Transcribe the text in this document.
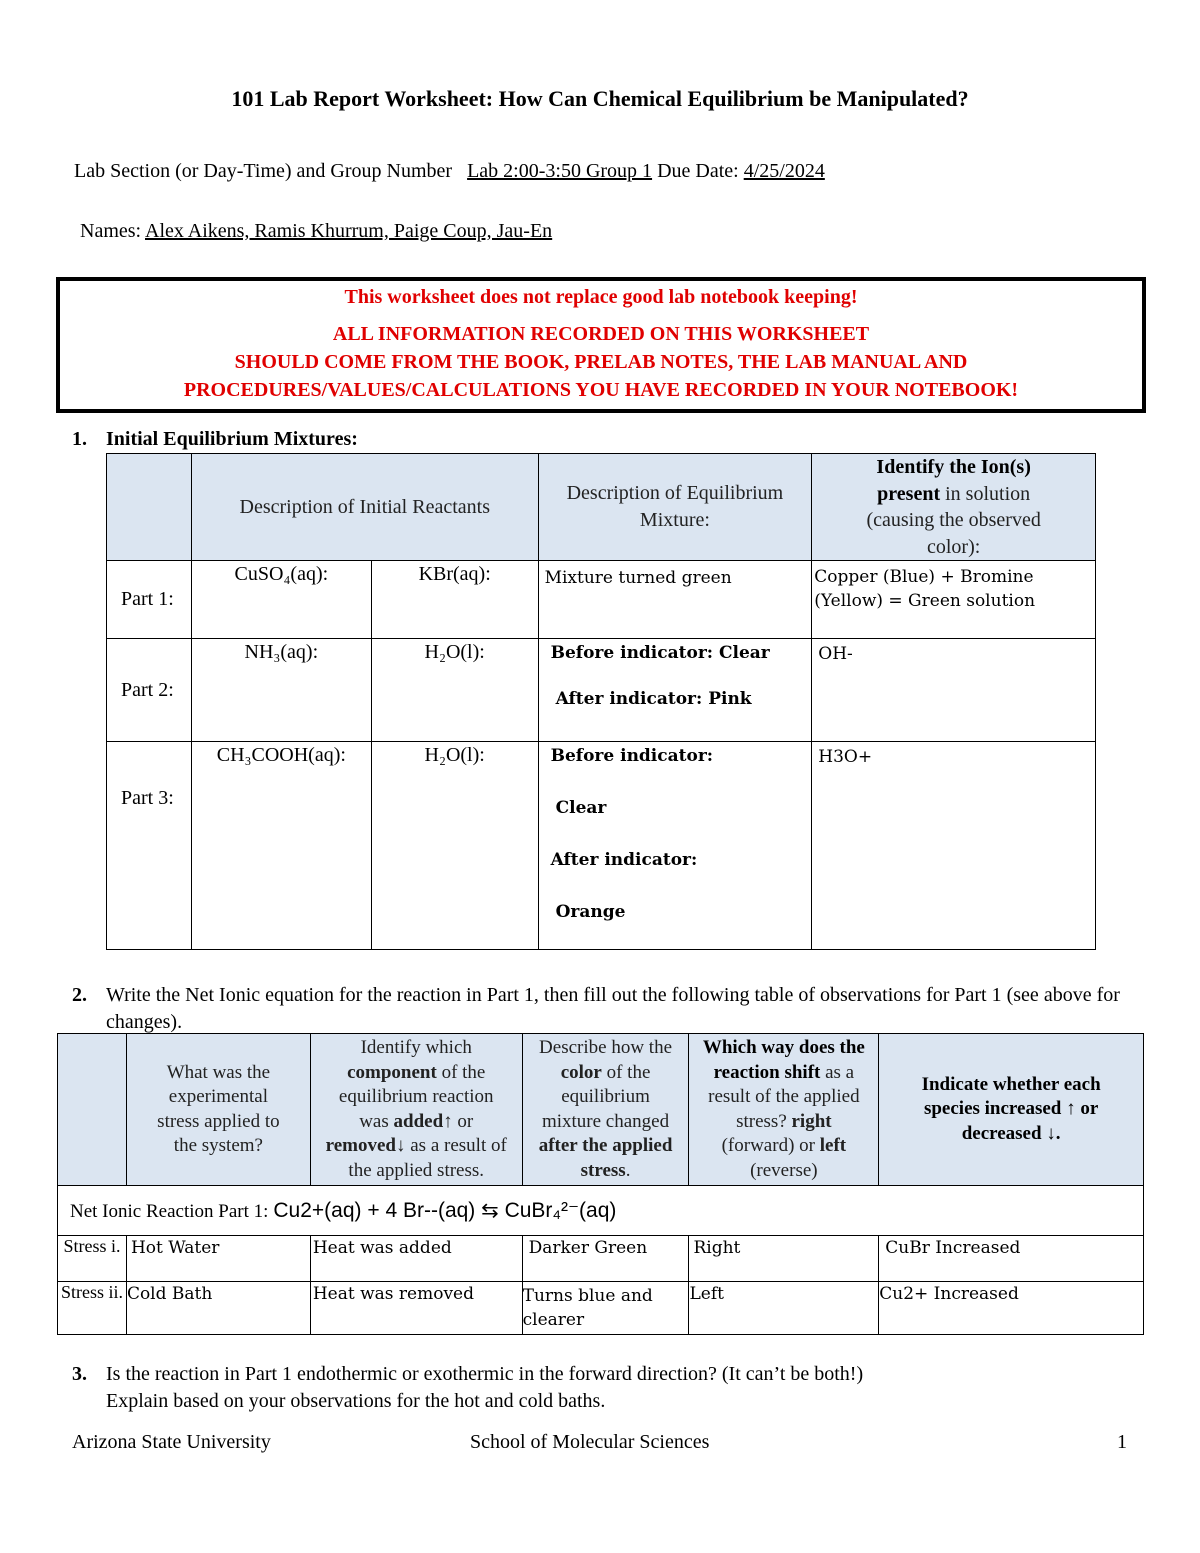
101 Lab Report Worksheet: How Can Chemical Equilibrium be Manipulated?
Lab Section (or Day-Time) and Group Number Lab 2:00-3:50 Group 1 Due Date: 4/25/2024
Names: Alex Aikens, Ramis Khurrum, Paige Coup, Jau-En
This worksheet does not replace good lab notebook keeping!
ALL INFORMATION RECORDED ON THIS WORKSHEET
SHOULD COME FROM THE BOOK, PRELAB NOTES, THE LAB MANUAL AND
PROCEDURES/VALUES/CALCULATIONS YOU HAVE RECORDED IN YOUR NOTEBOOK!
1. Initial Equilibrium Mixtures:
	Description of Initial Reactants		Description of Equilibrium Mixture:	Identify the Ion(s) present in solution (causing the observed color):
Part 1:	CuSO₄(aq):	KBr(aq):	Mixture turned green	Copper (Blue) + Bromine (Yellow) = Green solution
Part 2:	NH₃(aq):	H₂O(l):	Before indicator: Clear
After indicator: Pink	OH-
Part 3:	CH₃COOH(aq):	H₂O(l):	Before indicator:
Clear
After indicator:
Orange	H3O+
2. Write the Net Ionic equation for the reaction in Part 1, then fill out the following table of observations for Part 1 (see above for changes).
	What was the experimental stress applied to the system?	Identify which component of the equilibrium reaction was added↑ or removed↓ as a result of the applied stress.	Describe how the color of the equilibrium mixture changed after the applied stress.	Which way does the reaction shift as a result of the applied stress? right (forward) or left (reverse)	Indicate whether each species increased ↑ or decreased ↓.
Net Ionic Reaction Part 1: Cu2+(aq) + 4 Br--(aq) ⇆ CuBr₄²⁻(aq)					
Stress i.	Hot Water	Heat was added	Darker Green	Right	CuBr Increased
Stress ii.	Cold Bath	Heat was removed	Turns blue and clearer	Left	Cu2+ Increased
3. Is the reaction in Part 1 endothermic or exothermic in the forward direction? (It can’t be both!)
Explain based on your observations for the hot and cold baths.
Arizona State University	School of Molecular Sciences	1
